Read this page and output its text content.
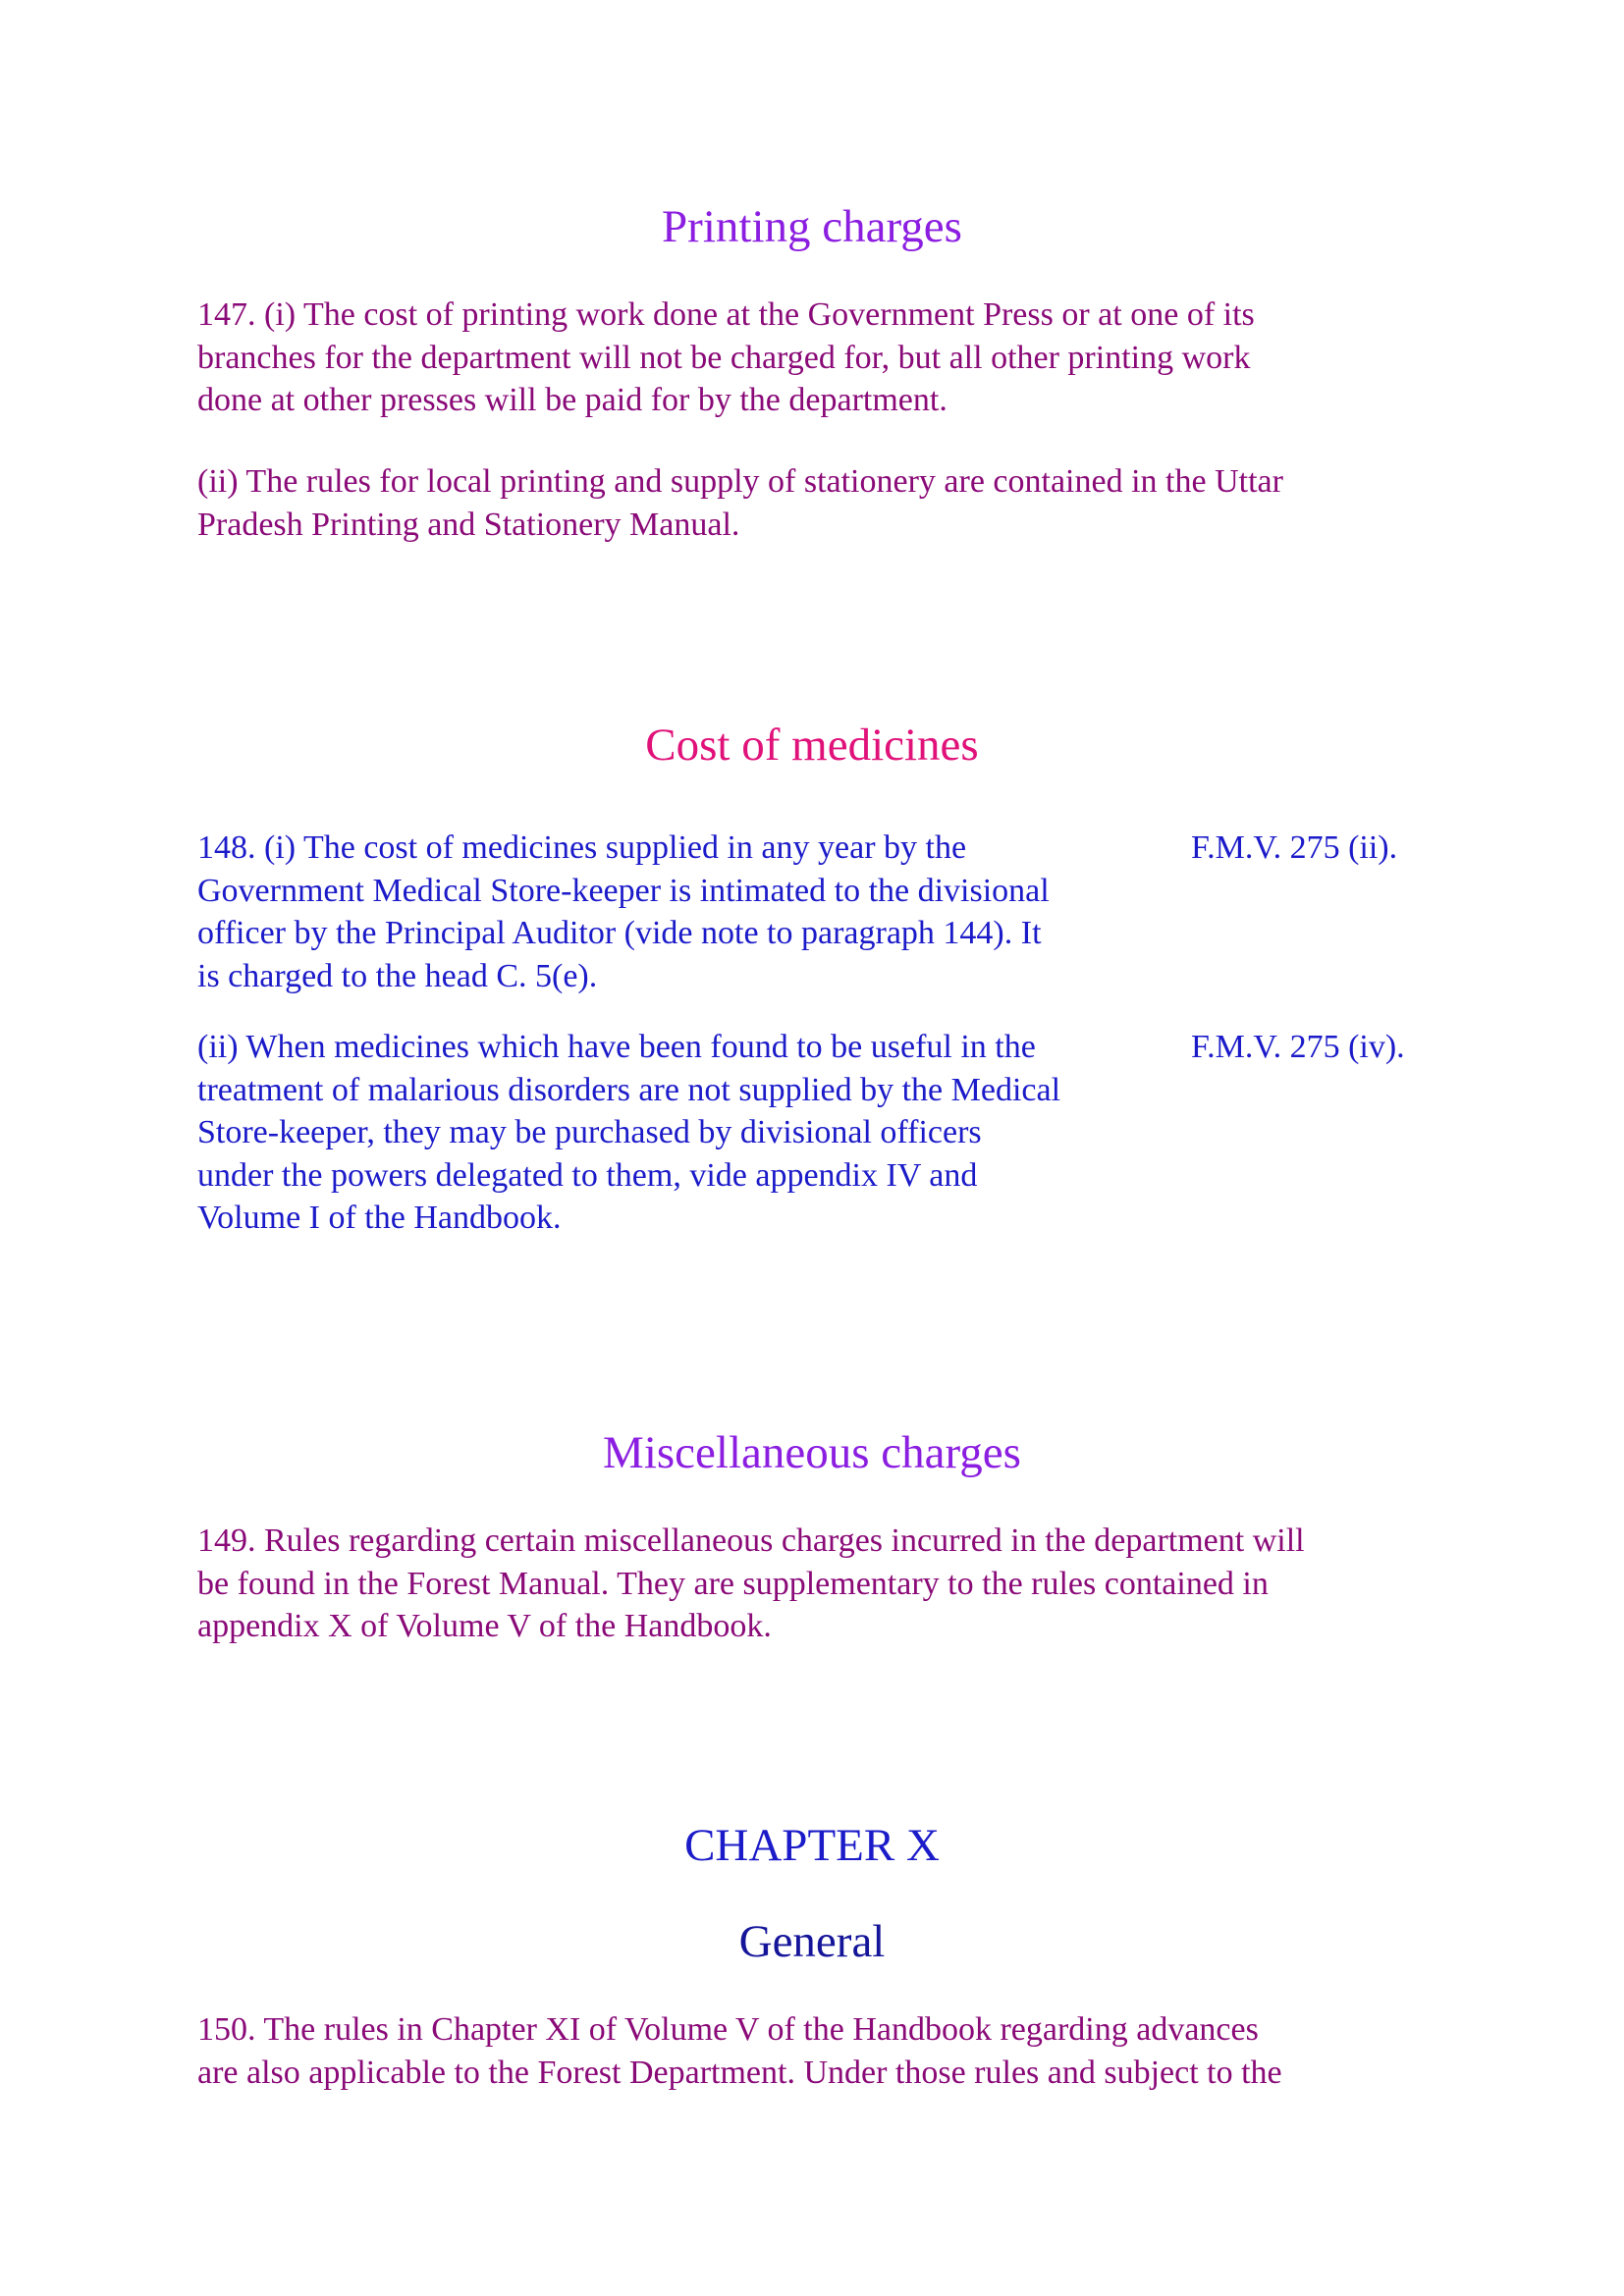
Printing charges
147. (i) The cost of printing work done at the Government Press or at one of its
branches for the department will not be charged for, but all other printing work
done at other presses will be paid for by the department.
(ii) The rules for local printing and supply of stationery are contained in the Uttar
Pradesh Printing and Stationery Manual.
Cost of medicines
148. (i) The cost of medicines supplied in any year by the
Government Medical Store-keeper is intimated to the divisional
officer by the Principal Auditor (vide note to paragraph 144). It
is charged to the head C. 5(e).
F.M.V. 275 (ii).
(ii) When medicines which have been found to be useful in the
treatment of malarious disorders are not supplied by the Medical
Store-keeper, they may be purchased by divisional officers
under the powers delegated to them, vide appendix IV and
Volume I of the Handbook.
F.M.V. 275 (iv).
Miscellaneous charges
149. Rules regarding certain miscellaneous charges incurred in the department will
be found in the Forest Manual. They are supplementary to the rules contained in
appendix X of Volume V of the Handbook.
CHAPTER X
General
150. The rules in Chapter XI of Volume V of the Handbook regarding advances
are also applicable to the Forest Department. Under those rules and subject to the
